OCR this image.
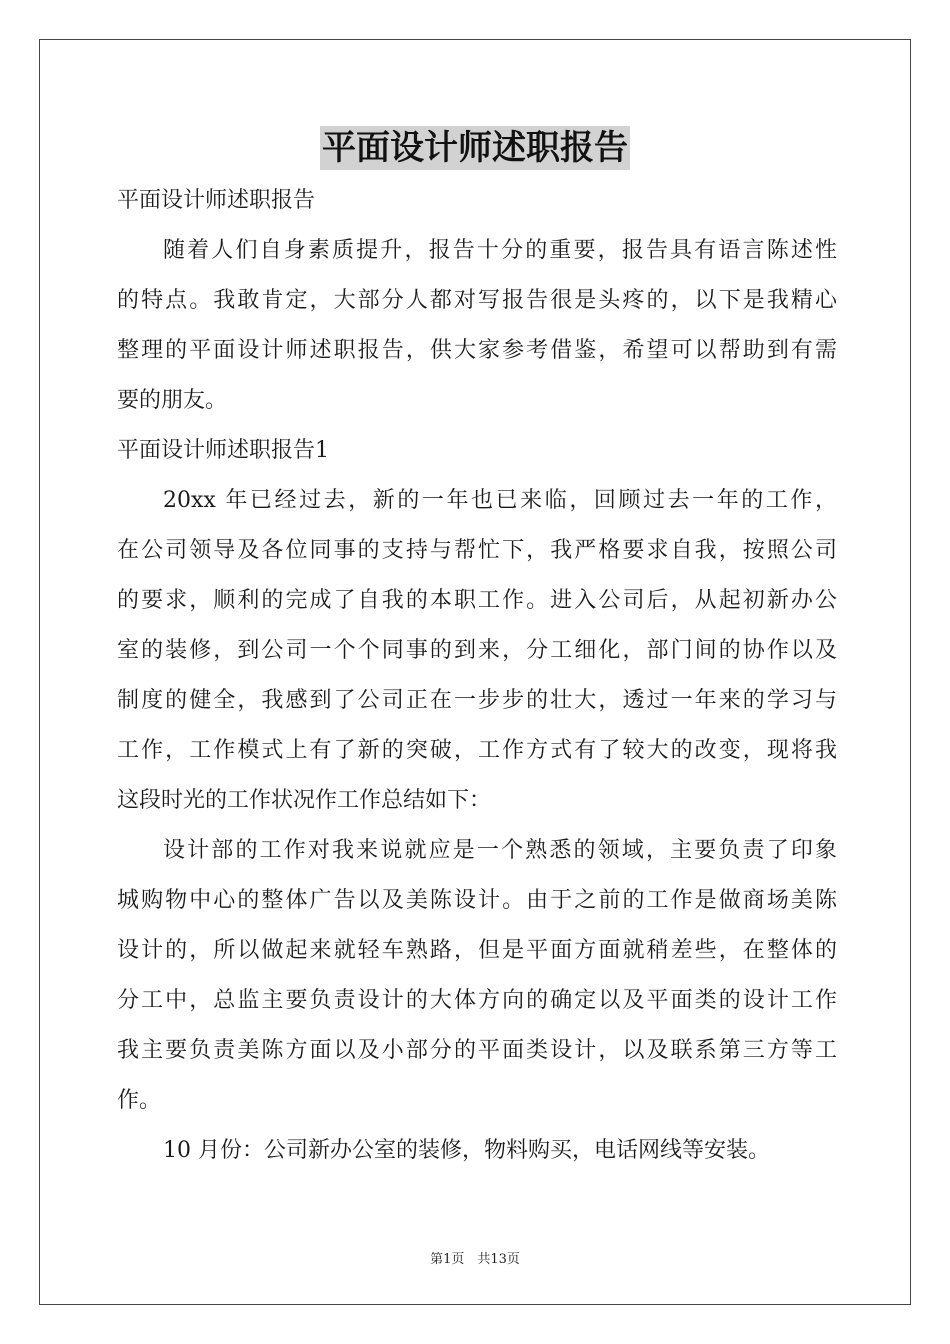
平面设计师述职报告
平面设计师述职报告
随着人们自身素质提升，报告十分的重要，报告具有语言陈述性
的特点。我敢肯定，大部分人都对写报告很是头疼的，以下是我精心
整理的平面设计师述职报告，供大家参考借鉴，希望可以帮助到有需
要的朋友。
平面设计师述职报告1
20xx 年已经过去，新的一年也已来临，回顾过去一年的工作，
在公司领导及各位同事的支持与帮忙下，我严格要求自我，按照公司
的要求，顺利的完成了自我的本职工作。进入公司后，从起初新办公
室的装修，到公司一个个同事的到来，分工细化，部门间的协作以及
制度的健全，我感到了公司正在一步步的壮大，透过一年来的学习与
工作，工作模式上有了新的突破，工作方式有了较大的改变，现将我
这段时光的工作状况作工作总结如下：
设计部的工作对我来说就应是一个熟悉的领域，主要负责了印象
城购物中心的整体广告以及美陈设计。由于之前的工作是做商场美陈
设计的，所以做起来就轻车熟路，但是平面方面就稍差些，在整体的
分工中，总监主要负责设计的大体方向的确定以及平面类的设计工作
我主要负责美陈方面以及小部分的平面类设计，以及联系第三方等工
作。
10 月份：公司新办公室的装修，物料购买，电话网线等安装。
第1页　共13页
